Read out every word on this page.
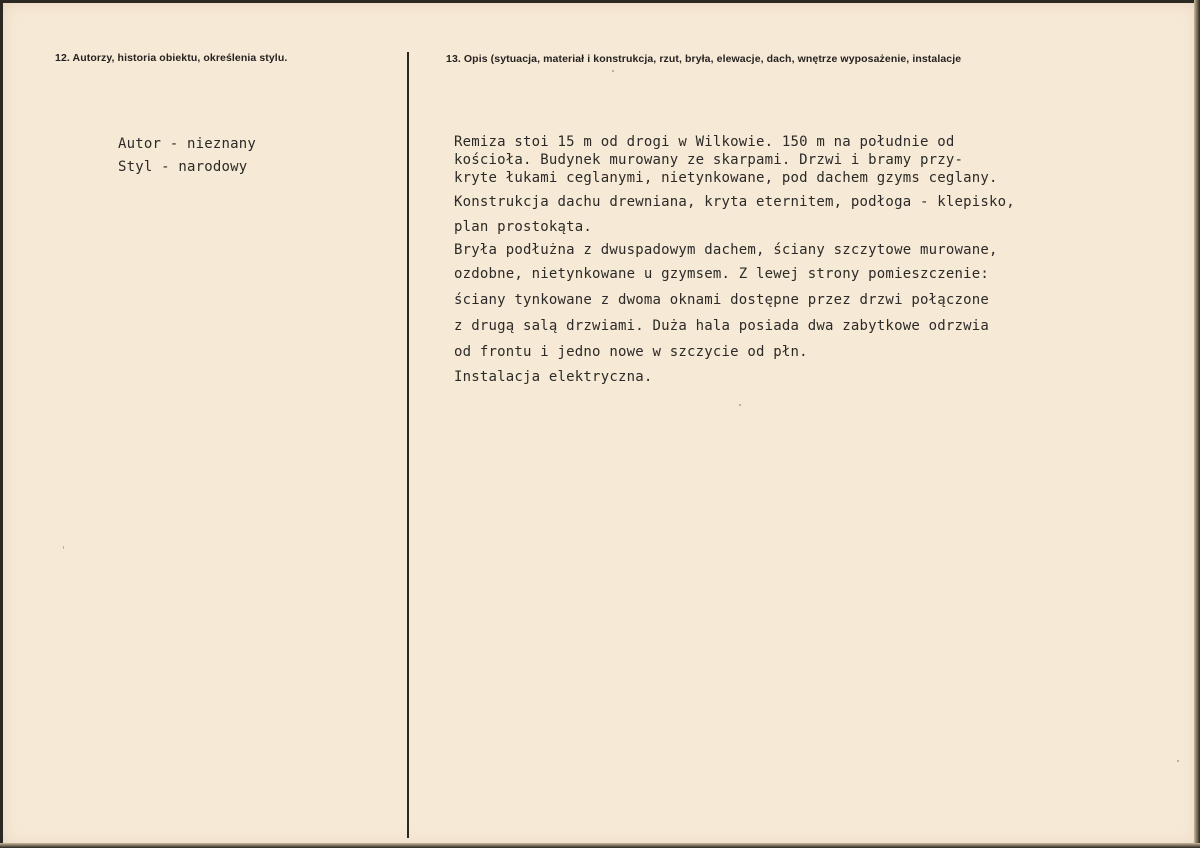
12. Autorzy, historia obiektu, określenia stylu.	13. Opis (sytuacja, materiał i konstrukcja, rzut, bryła, elewacje, dach, wnętrze wyposażenie, instalacje
Autor - nieznany
Styl - narodowy
Remiza stoi 15 m od drogi w Wilkowie. 150 m na południe od
kościoła. Budynek murowany ze skarpami. Drzwi i bramy przy-
kryte łukami ceglanymi, nietynkowane, pod dachem gzyms ceglany.
Konstrukcja dachu drewniana, kryta eternitem, podłoga - klepisko,
plan prostokąta.
Bryła podłużna z dwuspadowym dachem, ściany szczytowe murowane,
ozdobne, nietynkowane u gzymsem. Z lewej strony pomieszczenie:
ściany tynkowane z dwoma oknami dostępne przez drzwi połączone
z drugą salą drzwiami. Duża hala posiada dwa zabytkowe odrzwia
od frontu i jedno nowe w szczycie od płn.
Instalacja elektryczna.
